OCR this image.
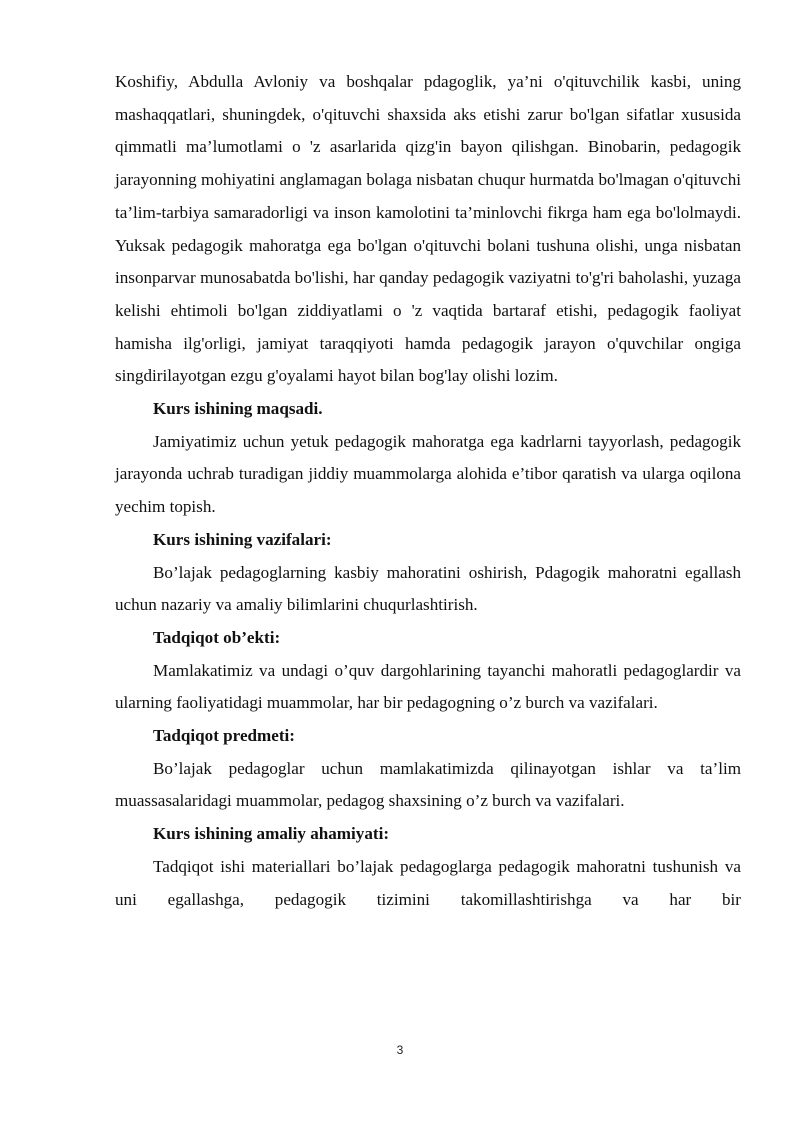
Koshifiy, Abdulla Avloniy va boshqalar pdagoglik, ya’ni o'qituvchilik kasbi, uning mashaqqatlari, shuningdek, o'qituvchi shaxsida aks etishi zarur bo'lgan sifatlar xususida qimmatli ma’lumotlami o 'z asarlarida qizg'in bayon qilishgan. Binobarin, pedagogik jarayonning mohiyatini anglamagan bolaga nisbatan chuqur hurmatda bo'lmagan o'qituvchi ta’lim-tarbiya samaradorligi va inson kamolotini ta’minlovchi fikrga ham ega bo'lolmaydi. Yuksak pedagogik mahoratga ega bo'lgan o'qituvchi bolani tushuna olishi, unga nisbatan insonparvar munosabatda bo'lishi, har qanday pedagogik vaziyatni to'g'ri baholashi, yuzaga kelishi ehtimoli bo'lgan ziddiyatlami o 'z vaqtida bartaraf etishi, pedagogik faoliyat hamisha ilg'orligi, jamiyat taraqqiyoti hamda pedagogik jarayon o'quvchilar ongiga singdirilayotgan ezgu g'oyalami hayot bilan bog'lay olishi lozim.

Kurs ishining maqsadi.

Jamiyatimiz uchun yetuk pedagogik mahoratga ega kadrlarni tayyorlash, pedagogik jarayonda uchrab turadigan jiddiy muammolarga alohida e’tibor qaratish va ularga oqilona yechim topish.

Kurs ishining vazifalari:

Bo’lajak pedagoglarning kasbiy mahoratini oshirish, Pdagogik mahoratni egallash uchun nazariy va amaliy bilimlarini chuqurlashtirish.

Tadqiqot ob’ekti:

Mamlakatimiz va undagi o’quv dargohlarining tayanchi mahoratli pedagoglardir va ularning faoliyatidagi muammolar, har bir pedagogning o’z burch va vazifalari.

Tadqiqot predmeti:

Bo’lajak pedagoglar uchun mamlakatimizda qilinayotgan ishlar va ta’lim muassasalaridagi muammolar, pedagog shaxsining o’z burch va vazifalari.

Kurs ishining amaliy ahamiyati:

Tadqiqot ishi materiallari bo’lajak pedagoglarga pedagogik mahoratni tushunish va uni egallashga, pedagogik tizimini takomillashtirishga va har bir

3
